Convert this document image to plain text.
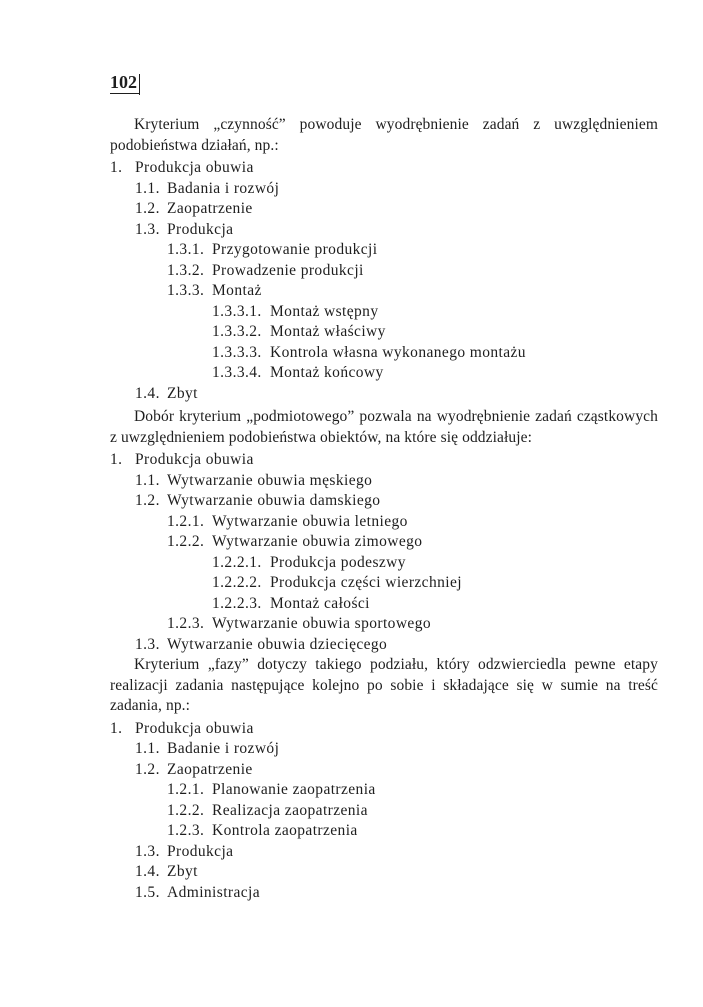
102

Kryterium „czynność” powoduje wyodrębnienie zadań z uwzględnieniem podobieństwa działań, np.:

1. Produkcja obuwia
1.1. Badania i rozwój
1.2. Zaopatrzenie
1.3. Produkcja
1.3.1. Przygotowanie produkcji
1.3.2. Prowadzenie produkcji
1.3.3. Montaż
1.3.3.1. Montaż wstępny
1.3.3.2. Montaż właściwy
1.3.3.3. Kontrola własna wykonanego montażu
1.3.3.4. Montaż końcowy
1.4. Zbyt

Dobór kryterium „podmiotowego” pozwala na wyodrębnienie zadań cząstkowych z uwzględnieniem podobieństwa obiektów, na które się oddziałuje:

1. Produkcja obuwia
1.1. Wytwarzanie obuwia męskiego
1.2. Wytwarzanie obuwia damskiego
1.2.1. Wytwarzanie obuwia letniego
1.2.2. Wytwarzanie obuwia zimowego
1.2.2.1. Produkcja podeszwy
1.2.2.2. Produkcja części wierzchniej
1.2.2.3. Montaż całości
1.2.3. Wytwarzanie obuwia sportowego
1.3. Wytwarzanie obuwia dziecięcego

Kryterium „fazy” dotyczy takiego podziału, który odzwierciedla pewne etapy realizacji zadania następujące kolejno po sobie i składające się w sumie na treść zadania, np.:

1. Produkcja obuwia
1.1. Badanie i rozwój
1.2. Zaopatrzenie
1.2.1. Planowanie zaopatrzenia
1.2.2. Realizacja zaopatrzenia
1.2.3. Kontrola zaopatrzenia
1.3. Produkcja
1.4. Zbyt
1.5. Administracja
